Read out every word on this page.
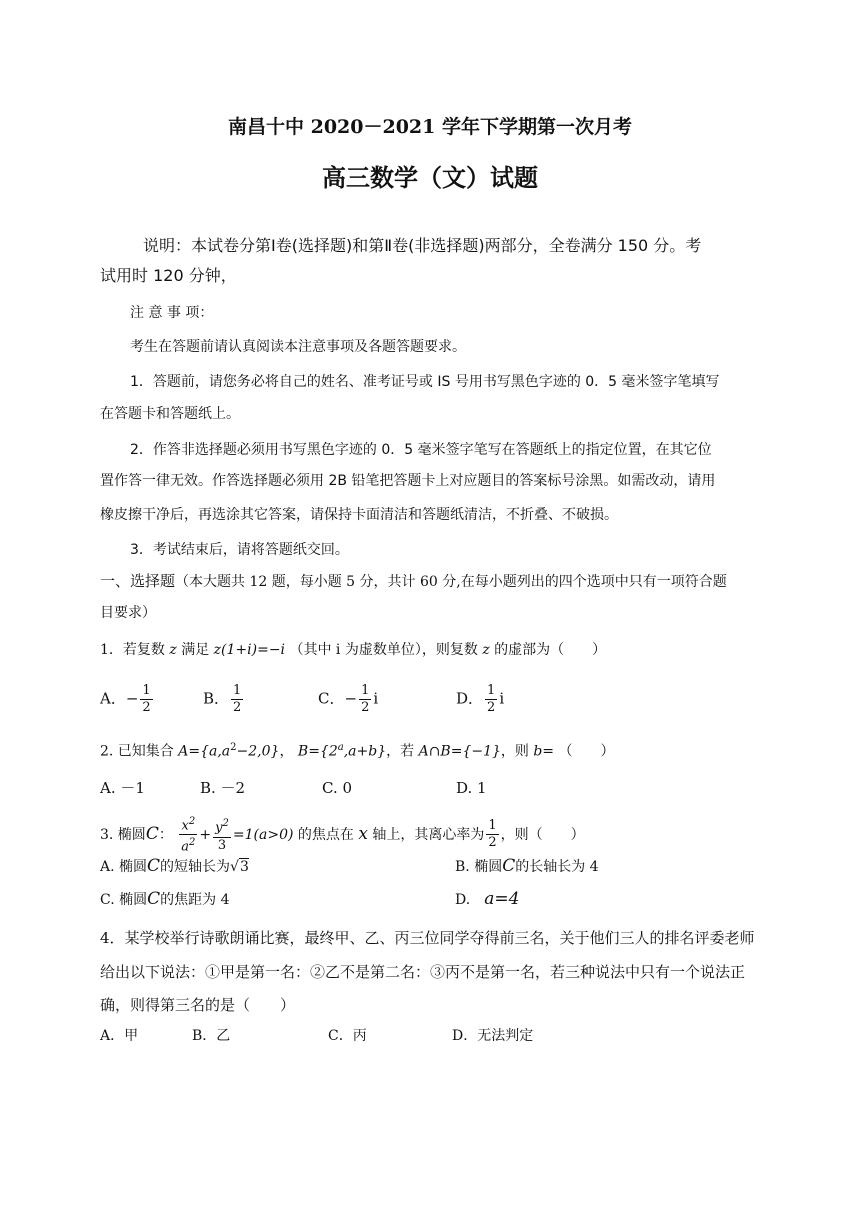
南昌十中 2020－2021 学年下学期第一次月考
高三数学（文）试题
说明：本试卷分第Ⅰ卷(选择题)和第Ⅱ卷(非选择题)两部分，全卷满分 150 分。考
试用时 120 分钟，
注 意 事 项：
考生在答题前请认真阅读本注意事项及各题答题要求。
1．答题前，请您务必将自己的姓名、准考证号或 IS 号用书写黑色字迹的 0．5 毫米签字笔填写
在答题卡和答题纸上。
2．作答非选择题必须用书写黑色字迹的 0．5 毫米签字笔写在答题纸上的指定位置，在其它位
置作答一律无效。作答选择题必须用 2B 铅笔把答题卡上对应题目的答案标号涂黑。如需改动，请用
橡皮擦干净后，再选涂其它答案，请保持卡面清洁和答题纸清洁，不折叠、不破损。
3．考试结束后，请将答题纸交回。
一、选择题（本大题共 12 题，每小题 5 分，共计 60 分,在每小题列出的四个选项中只有一项符合题
目要求）
1．若复数 z 满足 z(1+i)=−i （其中 i 为虚数单位），则复数 z 的虚部为（　　）
A．− $\frac{1}{2}$	B． $\frac{1}{2}$	C．− $\frac{1}{2}$ i	D． $\frac{1}{2}$ i
2. 已知集合 $A=\{a,a^2-2,0\}$， $B=\{2^a,a+b\}$，若 A∩B={−1}，则 b= （　　）
A. －1	B. －2	C. 0	D. 1
3. 椭圆C： $\frac{x^2}{a^2} + \frac{y^2}{3} =1(a>0)$ 的焦点在 x 轴上，其离心率为 $\frac{1}{2}$ ，则（　　）
A. 椭圆C的短轴长为√3	B. 椭圆C的长轴长为 4
C. 椭圆C的焦距为 4	D.　 a=4
4．某学校举行诗歌朗诵比赛，最终甲、乙、丙三位同学夺得前三名，关于他们三人的排名评委老师
给出以下说法：①甲是第一名：②乙不是第二名：③丙不是第一名，若三种说法中只有一个说法正
确，则得第三名的是（　　）
A．甲	B．乙	C．丙	D．无法判定
